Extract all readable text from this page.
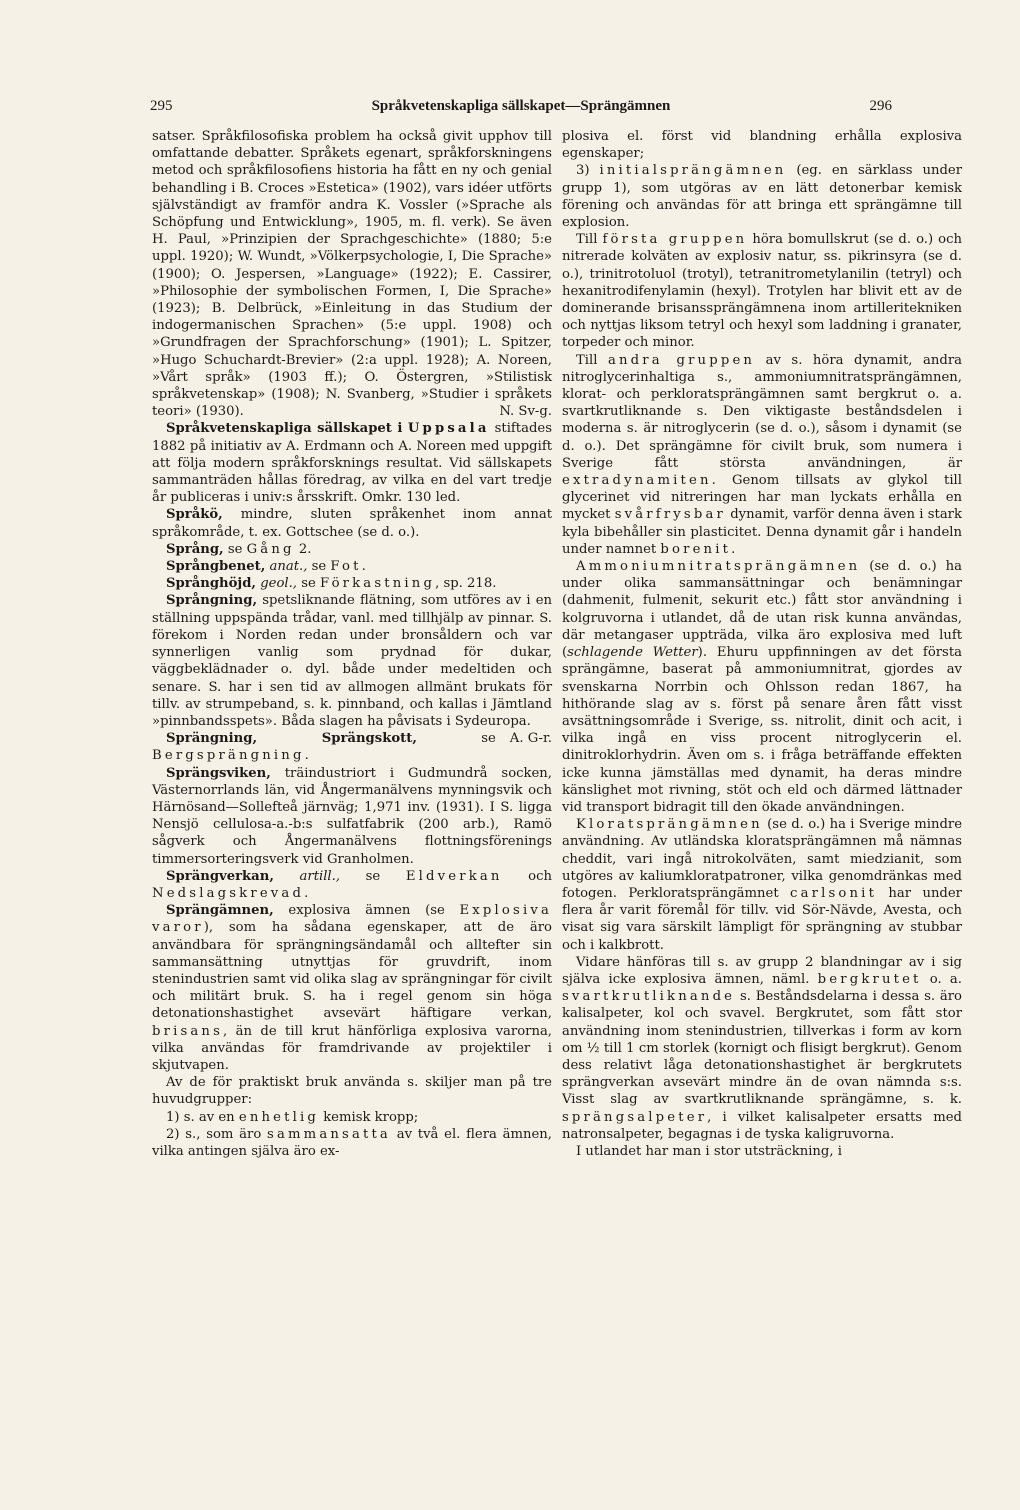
295	Språkvetenskapliga sällskapet—Sprängämnen	296

satser. Språkfilosofiska problem ha också givit upphov till omfattande debatter. Språkets egenart, språkforskningens metod och språkfilosofiens historia ha fått en ny och genial behandling i B. Croces »Estetica» (1902), vars idéer utförts självständigt av framför andra K. Vossler (»Sprache als Schöpfung und Entwicklung», 1905, m. fl. verk). Se även H. Paul, »Prinzipien der Sprachgeschichte» (1880; 5:e uppl. 1920); W. Wundt, »Völkerpsychologie, I, Die Sprache» (1900); O. Jespersen, »Language» (1922); E. Cassirer, »Philosophie der symbolischen Formen, I, Die Sprache» (1923); B. Delbrück, »Einleitung in das Studium der indogermanischen Sprachen» (5:e uppl. 1908) och »Grundfragen der Sprachforschung» (1901); L. Spitzer, »Hugo Schuchardt-Brevier» (2:a uppl. 1928); A. Noreen, »Vårt språk» (1903 ff.); O. Östergren, »Stilistisk språkvetenskap» (1908); N. Svanberg, »Studier i språkets teori» (1930).	N. Sv-g.

Språkvetenskapliga sällskapet i Uppsala stiftades 1882 på initiativ av A. Erdmann och A. Noreen med uppgift att följa modern språkforsknings resultat. Vid sällskapets sammanträden hållas föredrag, av vilka en del vart tredje år publiceras i univ:s årsskrift. Omkr. 130 led.

Språkö, mindre, sluten språkenhet inom annat språkområde, t. ex. Gottschee (se d. o.).

Språng, se Gång 2.

Språngbenet, anat., se Fot.

Språnghöjd, geol., se Förkastning, sp. 218.

Språngning, spetsliknande flätning, som utföres av i en ställning uppspända trådar, vanl. med tillhjälp av pinnar. S. förekom i Norden redan under bronsåldern och var synnerligen vanlig som prydnad för dukar, väggbeklädnader o. dyl. både under medeltiden och senare. S. har i sen tid av allmogen allmänt brukats för tillv. av strumpeband, s. k. pinnband, och kallas i Jämtland »pinnbandsspets». Båda slagen ha påvisats i Sydeuropa.
A. G-r.

Sprängning, Sprängskott, se Bergsprängning.

Sprängsviken, träindustriort i Gudmundrå socken, Västernorrlands län, vid Ångermanälvens mynningsvik och Härnösand—Sollefteå järnväg; 1,971 inv. (1931). I S. ligga Nensjö cellulosa-a.-b:s sulfatfabrik (200 arb.), Ramö sågverk och Ångermanälvens flottningsförenings timmersorteringsverk vid Granholmen.

Sprängverkan, artill., se Eldverkan och Nedslagskrevad.

Sprängämnen, explosiva ämnen (se Explosiva varor), som ha sådana egenskaper, att de äro användbara för sprängningsändamål och alltefter sin sammansättning utnyttjas för gruvdrift, inom stenindustrien samt vid olika slag av sprängningar för civilt och militärt bruk. S. ha i regel genom sin höga detonationshastighet avsevärt häftigare verkan, brisans, än de till krut hänförliga explosiva varorna, vilka användas för framdrivande av projektiler i skjutvapen.

Av de för praktiskt bruk använda s. skiljer man på tre huvudgrupper:

1) s. av en enhetlig kemisk kropp;

2) s., som äro sammansatta av två el. flera ämnen, vilka antingen själva äro ex-

plosiva el. först vid blandning erhålla explosiva egenskaper;

3) initialsprängämnen (eg. en särklass under grupp 1), som utgöras av en lätt detonerbar kemisk förening och användas för att bringa ett sprängämne till explosion.

Till första gruppen höra bomullskrut (se d. o.) och nitrerade kolväten av explosiv natur, ss. pikrinsyra (se d. o.), trinitrotoluol (trotyl), tetranitrometylanilin (tetryl) och hexanitrodifenylamin (hexyl). Trotylen har blivit ett av de dominerande brisanssprängämnena inom artilleritekniken och nyttjas liksom tetryl och hexyl som laddning i granater, torpeder och minor.

Till andra gruppen av s. höra dynamit, andra nitroglycerinhaltiga s., ammoniumnitratsprängämnen, klorat- och perkloratsprängämnen samt bergkrut o. a. svartkrutliknande s. Den viktigaste beståndsdelen i moderna s. är nitroglycerin (se d. o.), såsom i dynamit (se d. o.). Det sprängämne för civilt bruk, som numera i Sverige fått största användningen, är extradynamiten. Genom tillsats av glykol till glycerinet vid nitreringen har man lyckats erhålla en mycket svårfrysbar dynamit, varför denna även i stark kyla bibehåller sin plasticitet. Denna dynamit går i handeln under namnet borenit.

Ammoniumnitratsprängämnen (se d. o.) ha under olika sammansättningar och benämningar (dahmenit, fulmenit, sekurit etc.) fått stor användning i kolgruvorna i utlandet, då de utan risk kunna användas, där metangaser uppträda, vilka äro explosiva med luft (schlagende Wetter). Ehuru uppfinningen av det första sprängämne, baserat på ammoniumnitrat, gjordes av svenskarna Norrbin och Ohlsson redan 1867, ha hithörande slag av s. först på senare åren fått visst avsättningsområde i Sverige, ss. nitrolit, dinit och acit, i vilka ingå en viss procent nitroglycerin el. dinitroklorhydrin. Även om s. i fråga beträffande effekten icke kunna jämställas med dynamit, ha deras mindre känslighet mot rivning, stöt och eld och därmed lättnader vid transport bidragit till den ökade användningen.

Kloratsprängämnen (se d. o.) ha i Sverige mindre användning. Av utländska kloratsprängämnen må nämnas cheddit, vari ingå nitrokolväten, samt miedzianit, som utgöres av kaliumkloratpatroner, vilka genomdränkas med fotogen. Perkloratsprängämnet carlsonit har under flera år varit föremål för tillv. vid Sör-Nävde, Avesta, och visat sig vara särskilt lämpligt för sprängning av stubbar och i kalkbrott.

Vidare hänföras till s. av grupp 2 blandningar av i sig själva icke explosiva ämnen, näml. bergkrutet o. a. svartkrutliknande s. Beståndsdelarna i dessa s. äro kalisalpeter, kol och svavel. Bergkrutet, som fått stor användning inom stenindustrien, tillverkas i form av korn om ½ till 1 cm storlek (kornigt och flisigt bergkrut). Genom dess relativt låga detonationshastighet är bergkrutets sprängverkan avsevärt mindre än de ovan nämnda s:s. Visst slag av svartkrutliknande sprängämne, s. k. sprängsalpeter, i vilket kalisalpeter ersatts med natronsalpeter, begagnas i de tyska kaligruvorna.

I utlandet har man i stor utsträckning, i
